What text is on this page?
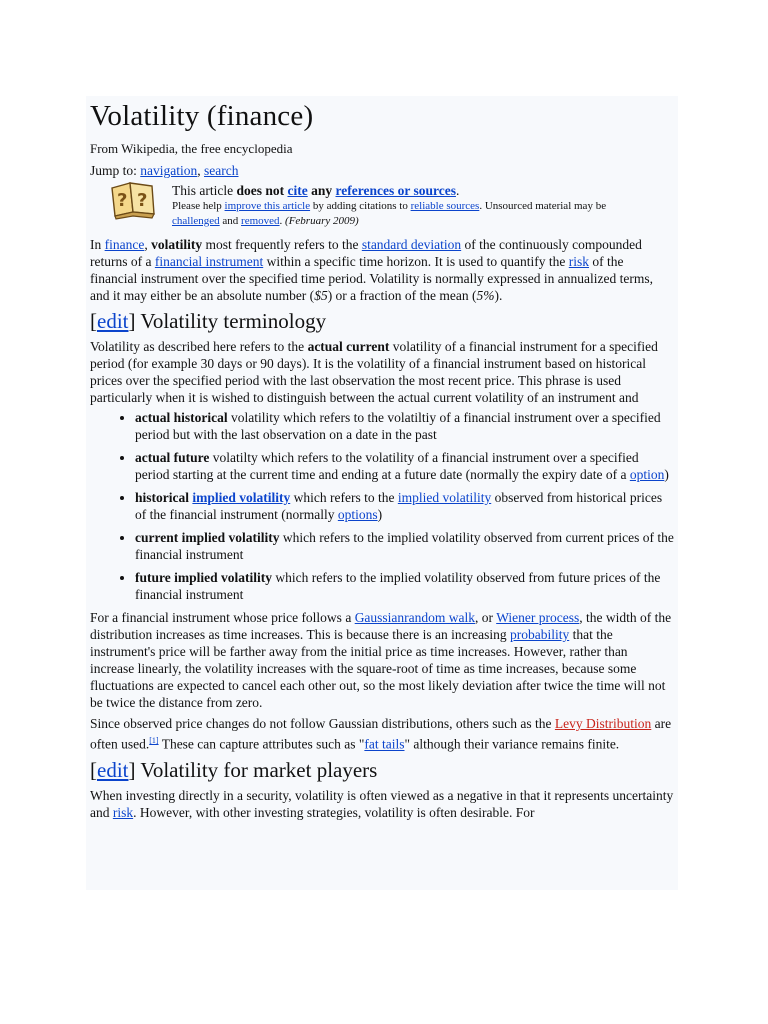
Volatility (finance)
From Wikipedia, the free encyclopedia
Jump to: navigation, search
? ? This article does not cite any references or sources.
Please help improve this article by adding citations to reliable sources. Unsourced material may be
challenged and removed. (February 2009)

In finance, volatility most frequently refers to the standard deviation of the continuously compounded returns of a financial instrument within a specific time horizon. It is used to quantify the risk of the financial instrument over the specified time period. Volatility is normally expressed in annualized terms, and it may either be an absolute number ($5) or a fraction of the mean (5%).

[edit] Volatility terminology

Volatility as described here refers to the actual current volatility of a financial instrument for a specified period (for example 30 days or 90 days). It is the volatility of a financial instrument based on historical prices over the specified period with the last observation the most recent price. This phrase is used particularly when it is wished to distinguish between the actual current volatility of an instrument and

• actual historical volatility which refers to the volatiltiy of a financial instrument over a specified period but with the last observation on a date in the past
• actual future volatilty which refers to the volatility of a financial instrument over a specified period starting at the current time and ending at a future date (normally the expiry date of a option)
• historical implied volatility which refers to the implied volatility observed from historical prices of the financial instrument (normally options)
• current implied volatility which refers to the implied volatility observed from current prices of the financial instrument
• future implied volatility which refers to the implied volatility observed from future prices of the financial instrument

For a financial instrument whose price follows a Gaussianrandom walk, or Wiener process, the width of the distribution increases as time increases. This is because there is an increasing probability that the instrument's price will be farther away from the initial price as time increases. However, rather than increase linearly, the volatility increases with the square-root of time as time increases, because some fluctuations are expected to cancel each other out, so the most likely deviation after twice the time will not be twice the distance from zero.

Since observed price changes do not follow Gaussian distributions, others such as the Levy Distribution are often used.[1] These can capture attributes such as "fat tails" although their variance remains finite.

[edit] Volatility for market players

When investing directly in a security, volatility is often viewed as a negative in that it represents uncertainty and risk. However, with other investing strategies, volatility is often desirable. For
